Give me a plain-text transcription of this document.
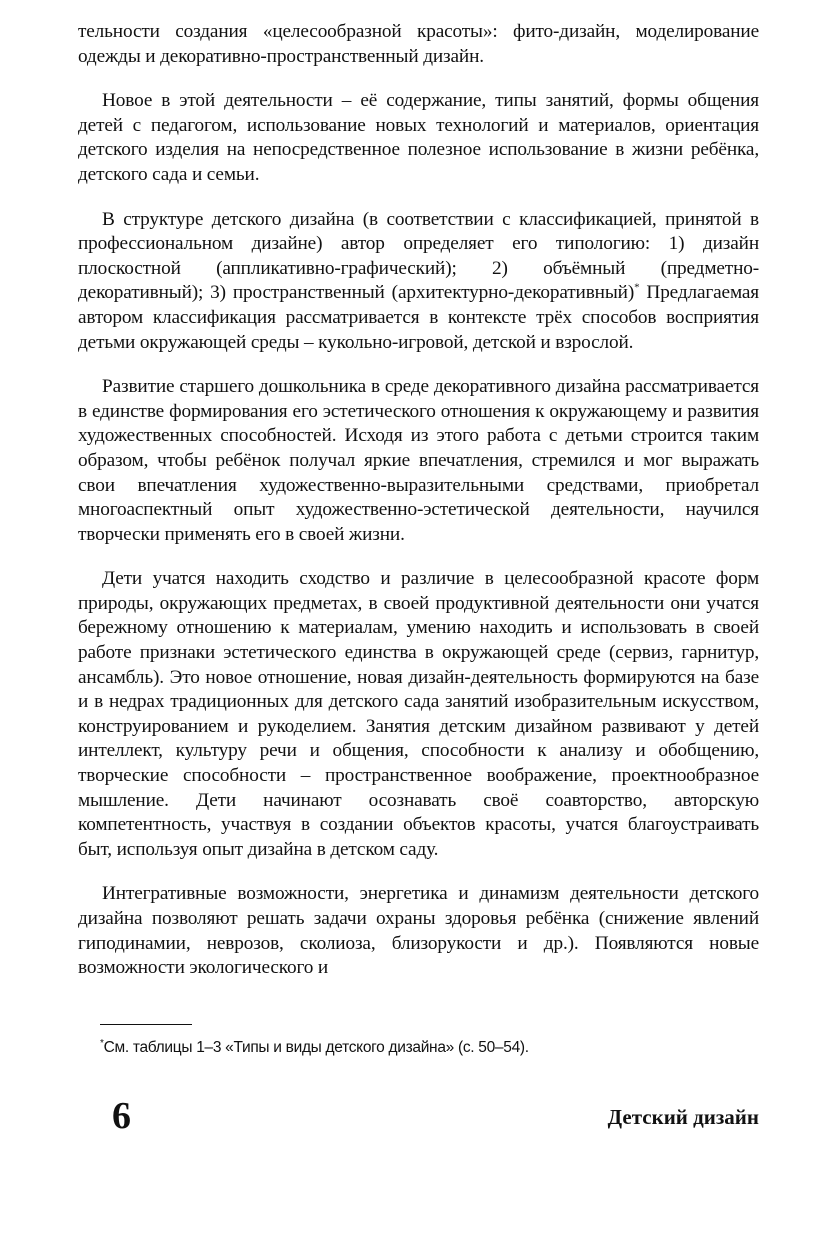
тельности создания «целесообразной красоты»: фито-дизайн, моделирование одежды и декоративно-пространственный дизайн.

Новое в этой деятельности – её содержание, типы занятий, формы общения детей с педагогом, использование новых технологий и материалов, ориентация детского изделия на непосредственное полезное использование в жизни ребёнка, детского сада и семьи.

В структуре детского дизайна (в соответствии с классификацией, принятой в профессиональном дизайне) автор определяет его типологию: 1) дизайн плоскостной (аппликативно-графический); 2) объёмный (предметно-декоративный); 3) пространственный (архитектурно-декоративный)* Предлагаемая автором классификация рассматривается в контексте трёх способов восприятия детьми окружающей среды – кукольно-игровой, детской и взрослой.

Развитие старшего дошкольника в среде декоративного дизайна рассматривается в единстве формирования его эстетического отношения к окружающему и развития художественных способностей. Исходя из этого работа с детьми строится таким образом, чтобы ребёнок получал яркие впечатления, стремился и мог выражать свои впечатления художественно-выразительными средствами, приобретал многоаспектный опыт художественно-эстетической деятельности, научился творчески применять его в своей жизни.

Дети учатся находить сходство и различие в целесообразной красоте форм природы, окружающих предметах, в своей продуктивной деятельности они учатся бережному отношению к материалам, умению находить и использовать в своей работе признаки эстетического единства в окружающей среде (сервиз, гарнитур, ансамбль). Это новое отношение, новая дизайн-деятельность формируются на базе и в недрах традиционных для детского сада занятий изобразительным искусством, конструированием и рукоделием. Занятия детским дизайном развивают у детей интеллект, культуру речи и общения, способности к анализу и обобщению, творческие способности – пространственное воображение, проектнообразное мышление. Дети начинают осознавать своё соавторство, авторскую компетентность, участвуя в создании объектов красоты, учатся благоустраивать быт, используя опыт дизайна в детском саду.

Интегративные возможности, энергетика и динамизм деятельности детского дизайна позволяют решать задачи охраны здоровья ребёнка (снижение явлений гиподинамии, неврозов, сколиоза, близорукости и др.). Появляются новые возможности экологического и

*См. таблицы 1–3 «Типы и виды детского дизайна» (с. 50–54).
6	Детский дизайн
